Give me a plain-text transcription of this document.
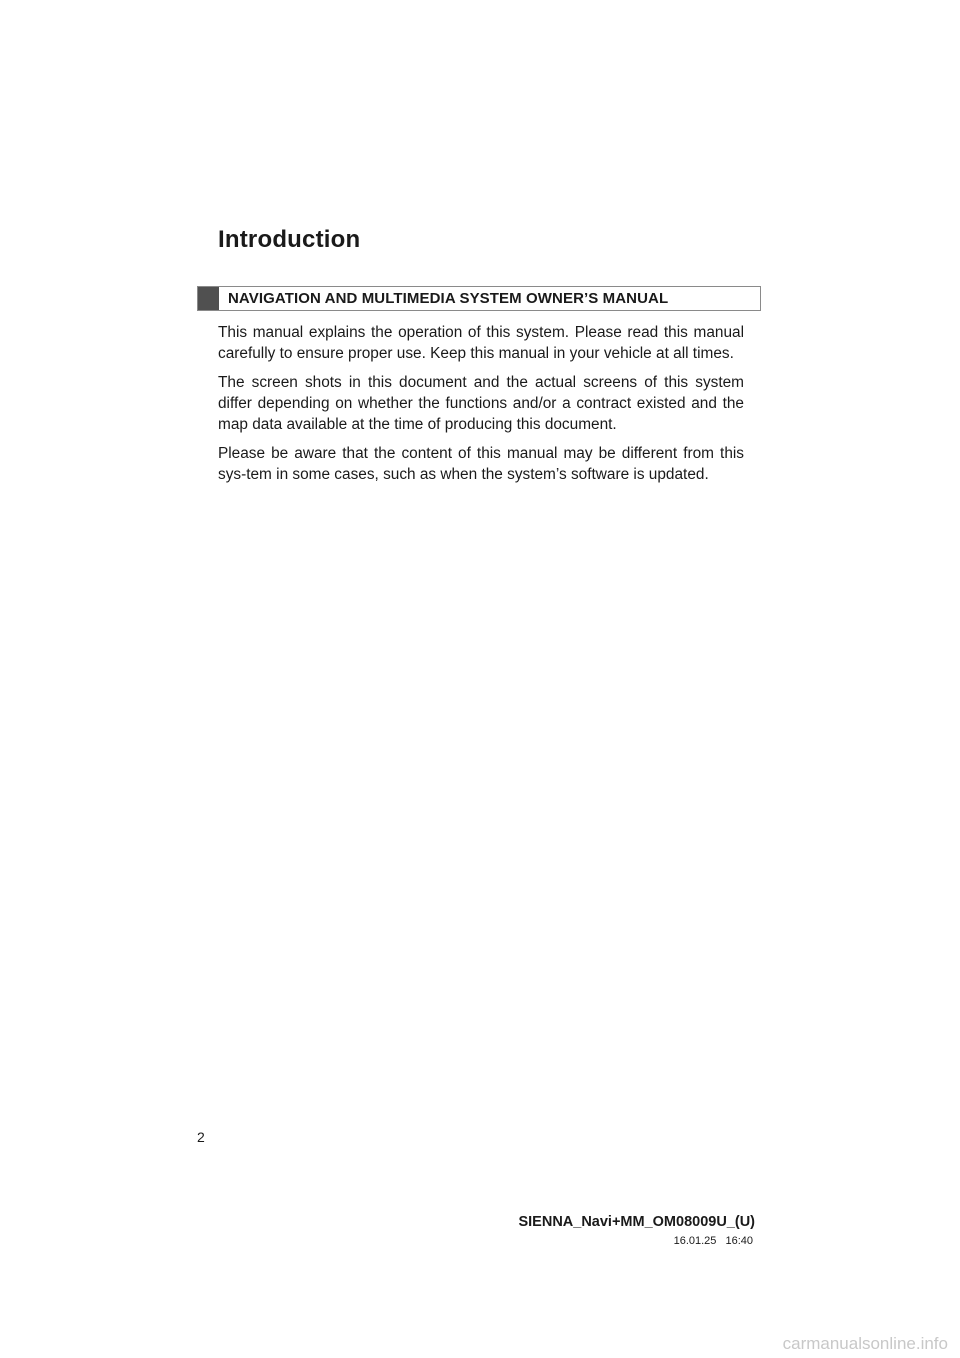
Introduction
NAVIGATION AND MULTIMEDIA SYSTEM OWNER’S MANUAL

This manual explains the operation of this system. Please read this manual carefully to ensure proper use. Keep this manual in your vehicle at all times.

The screen shots in this document and the actual screens of this system differ depending on whether the functions and/or a contract existed and the map data available at the time of producing this document.

Please be aware that the content of this manual may be different from this sys-tem in some cases, such as when the system’s software is updated.

2
SIENNA_Navi+MM_OM08009U_(U)
16.01.25 16:40
carmanualsonline.info
